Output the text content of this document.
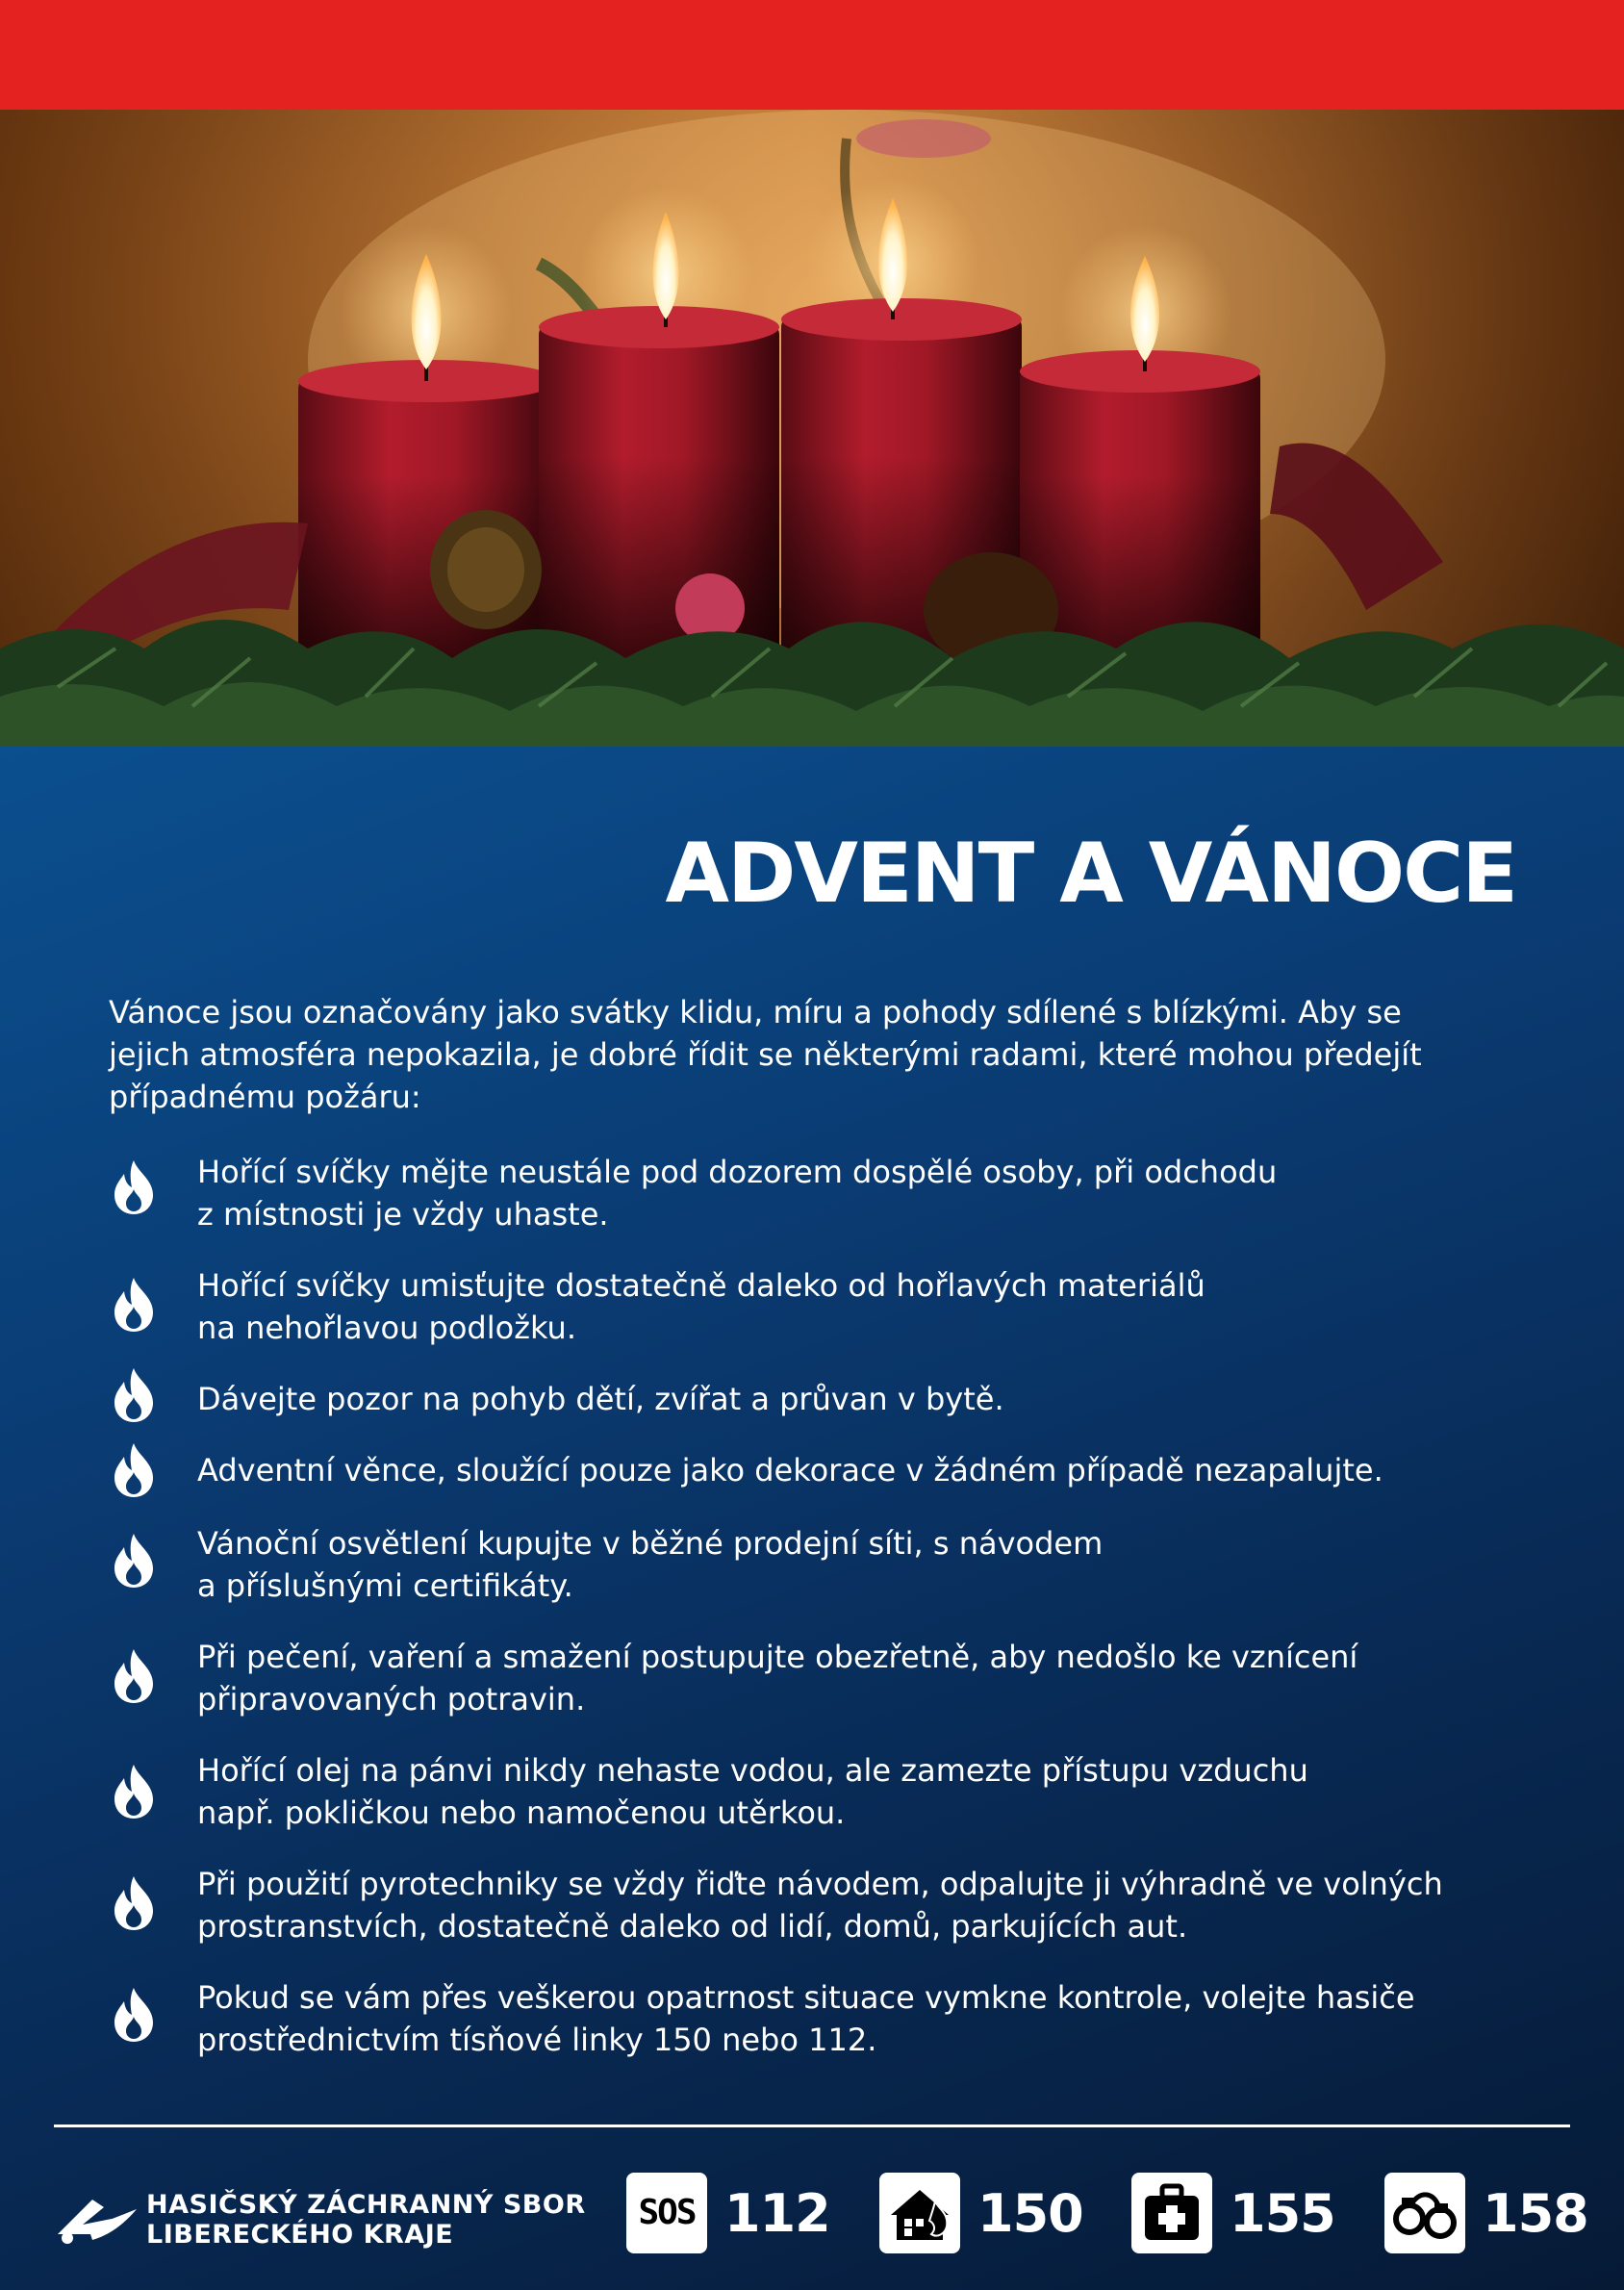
ADVENT A VÁNOCE

Vánoce jsou označovány jako svátky klidu, míru a pohody sdílené s blízkými. Aby se
jejich atmosféra nepokazila, je dobré řídit se některými radami, které mohou předejít
případnému požáru:

Hořící svíčky mějte neustále pod dozorem dospělé osoby, při odchodu
z místnosti je vždy uhaste.
Hořící svíčky umisťujte dostatečně daleko od hořlavých materiálů
na nehořlavou podložku.
Dávejte pozor na pohyb dětí, zvířat a průvan v bytě.
Adventní věnce, sloužící pouze jako dekorace v žádném případě nezapalujte.
Vánoční osvětlení kupujte v běžné prodejní síti, s návodem
a příslušnými certifikáty.
Při pečení, vaření a smažení postupujte obezřetně, aby nedošlo ke vznícení
připravovaných potravin.
Hořící olej na pánvi nikdy nehaste vodou, ale zamezte přístupu vzduchu
např. pokličkou nebo namočenou utěrkou.
Při použití pyrotechniky se vždy řiďte návodem, odpalujte ji výhradně ve volných
prostranstvích, dostatečně daleko od lidí, domů, parkujících aut.
Pokud se vám přes veškerou opatrnost situace vymkne kontrole, volejte hasiče
prostřednictvím tísňové linky 150 nebo 112.
HASIČSKÝ ZÁCHRANNÝ SBOR
LIBERECKÉHO KRAJE
SOS 112	150	155	158
